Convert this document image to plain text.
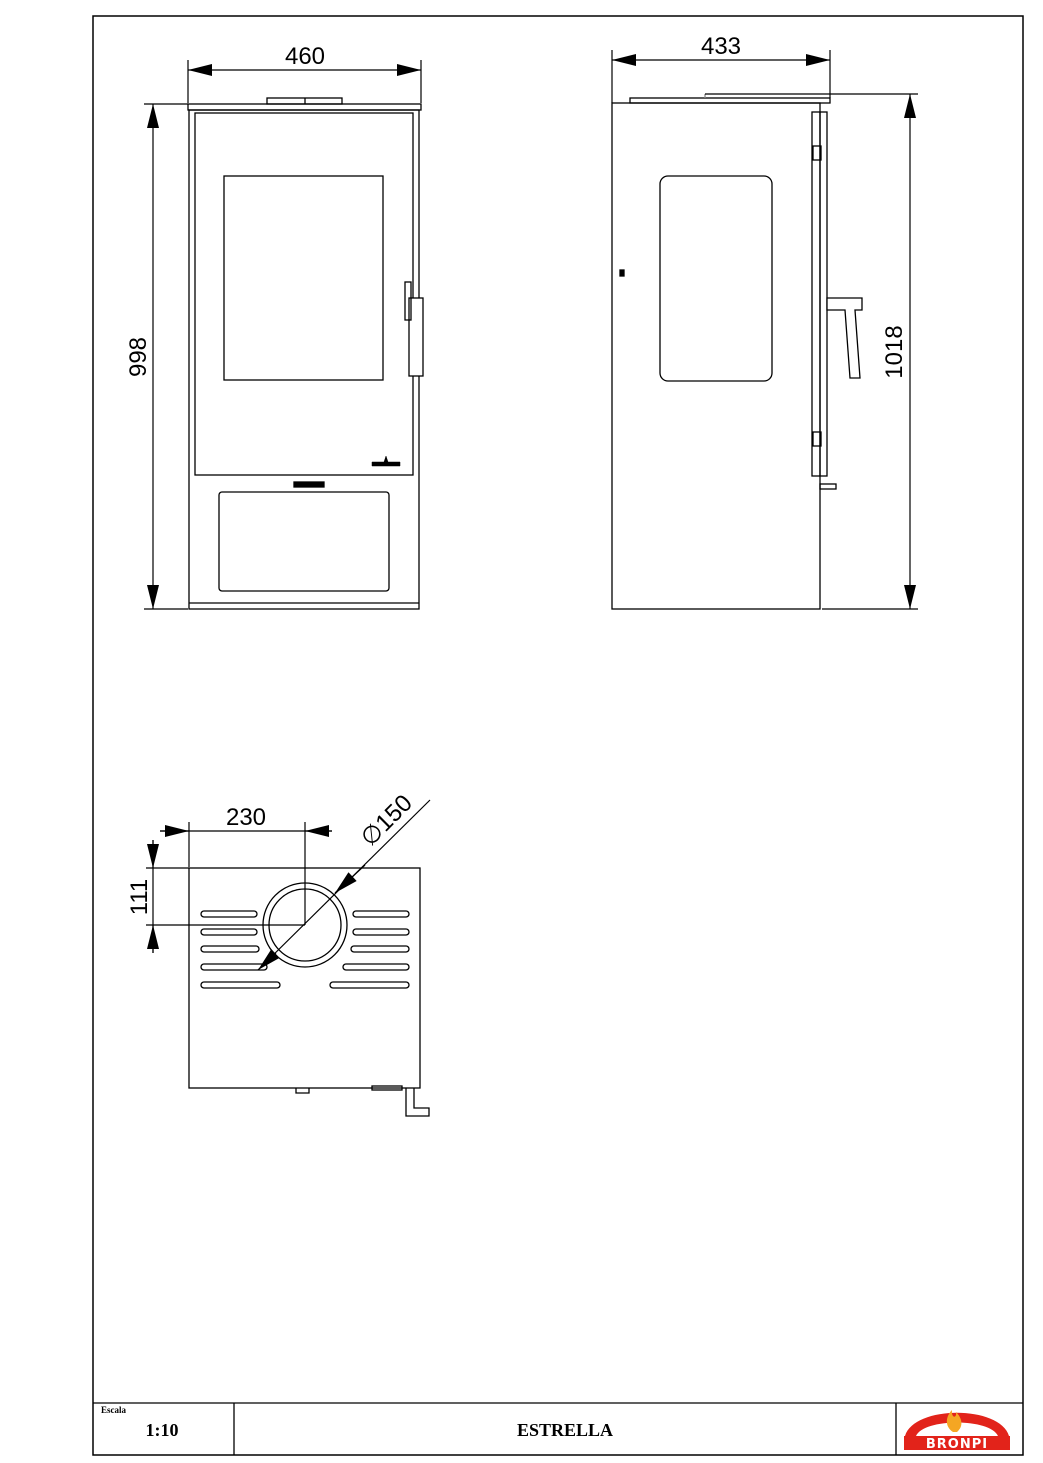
460
998
433
1018
230
111
∅150
Escala
1:10	ESTRELLA
BRONPI
